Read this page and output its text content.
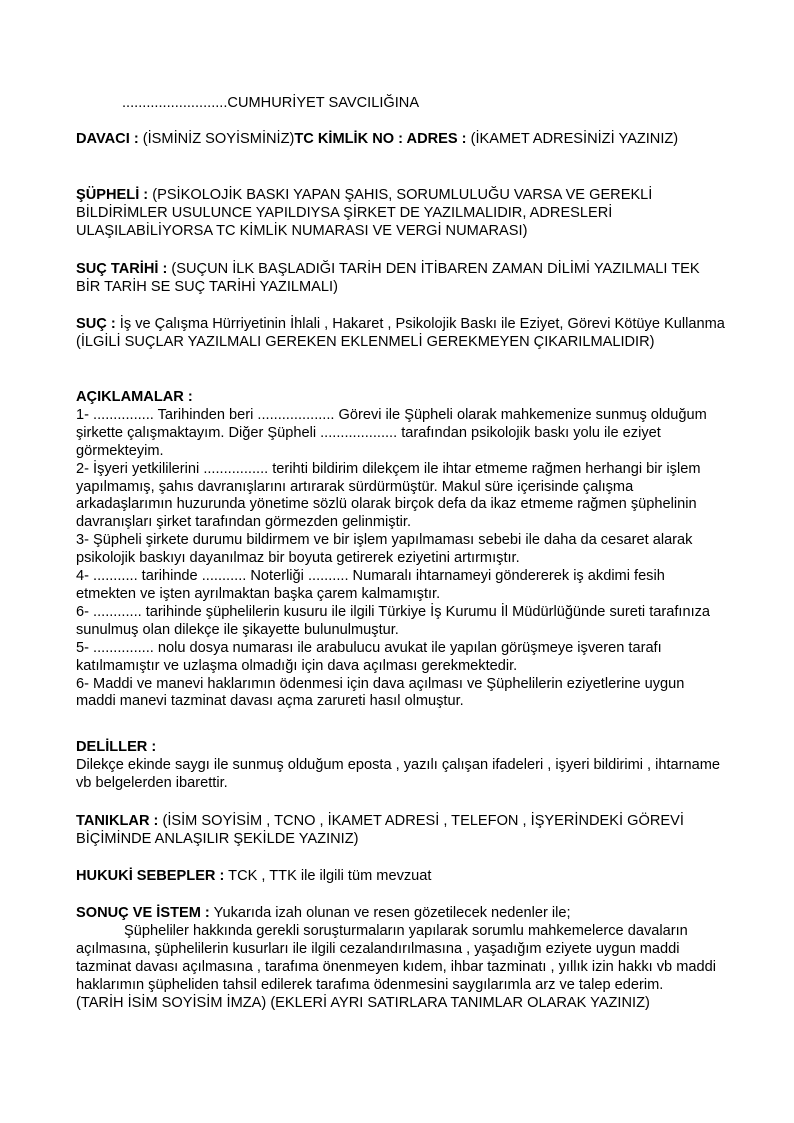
..........................CUMHURİYET SAVCILIĞINA
DAVACI : (İSMİNİZ SOYİSMİNİZ)TC KİMLİK NO : ADRES : (İKAMET ADRESİNİZİ YAZINIZ)
ŞÜPHELİ : (PSİKOLOJİK BASKI YAPAN ŞAHIS, SORUMLULUĞU VARSA VE GEREKLİ BİLDİRİMLER USULUNCE YAPILDIYSA ŞİRKET DE YAZILMALIDIR, ADRESLERİ ULAŞILABİLİYORSA TC KİMLİK NUMARASI VE VERGİ NUMARASI)
SUÇ TARİHİ : (SUÇUN İLK BAŞLADIĞI TARİH DEN İTİBAREN ZAMAN DİLİMİ YAZILMALI TEK BİR TARİH SE SUÇ TARİHİ YAZILMALI)
SUÇ : İş ve Çalışma Hürriyetinin İhlali , Hakaret , Psikolojik Baskı ile Eziyet, Görevi Kötüye Kullanma (İLGİLİ SUÇLAR YAZILMALI GEREKEN EKLENMELİ GEREKMEYEN ÇIKARILMALIDIR)
AÇIKLAMALAR :
1- ............... Tarihinden beri ................... Görevi ile Şüpheli olarak mahkemenize sunmuş olduğum şirkette çalışmaktayım. Diğer Şüpheli ................... tarafından psikolojik baskı yolu ile eziyet görmekteyim.
2- İşyeri yetkililerini ................ terihti bildirim dilekçem ile ihtar etmeme rağmen herhangi bir işlem yapılmamış, şahıs davranışlarını artırarak sürdürmüştür. Makul süre içerisinde çalışma arkadaşlarımın huzurunda yönetime sözlü olarak birçok defa da ikaz etmeme rağmen şüphelinin davranışları şirket tarafından görmezden gelinmiştir.
3- Şüpheli şirkete durumu bildirmem ve bir işlem yapılmaması sebebi ile daha da cesaret alarak psikolojik baskıyı dayanılmaz bir boyuta getirerek eziyetini artırmıştır.
4- ........... tarihinde ........... Noterliği .......... Numaralı ihtarnameyi göndererek iş akdimi fesih etmekten ve işten ayrılmaktan başka çarem kalmamıştır.
6- ............ tarihinde şüphelilerin kusuru ile ilgili Türkiye İş Kurumu İl Müdürlüğünde sureti tarafınıza sunulmuş olan dilekçe ile şikayette bulunulmuştur.
5- ............... nolu dosya numarası ile arabulucu avukat ile yapılan görüşmeye işveren tarafı katılmamıştır ve uzlaşma olmadığı için dava açılması gerekmektedir.
6- Maddi ve manevi haklarımın ödenmesi için dava açılması ve Şüphelilerin eziyetlerine uygun maddi manevi tazminat davası açma zarureti hasıl olmuştur.
DELİLLER :
Dilekçe ekinde saygı ile sunmuş olduğum eposta , yazılı çalışan ifadeleri , işyeri bildirimi , ihtarname vb belgelerden ibarettir.
TANIKLAR : (İSİM SOYİSİM , TCNO , İKAMET ADRESİ , TELEFON , İŞYERİNDEKİ GÖREVİ BİÇİMİNDE ANLAŞILIR ŞEKİLDE YAZINIZ)
HUKUKİ SEBEPLER : TCK , TTK ile ilgili tüm mevzuat
SONUÇ VE İSTEM : Yukarıda izah olunan ve resen gözetilecek nedenler ile;
Şüpheliler hakkında gerekli soruşturmaların yapılarak sorumlu mahkemelerce davaların açılmasına, şüphelilerin kusurları ile ilgili cezalandırılmasına , yaşadığım eziyete uygun maddi tazminat davası açılmasına , tarafıma önenmeyen kıdem, ihbar tazminatı , yıllık izin hakkı vb maddi haklarımın şüpheliden tahsil edilerek tarafıma ödenmesini saygılarımla arz ve talep ederim.
(TARİH İSİM SOYİSİM İMZA) (EKLERİ AYRI SATIRLARA TANIMLAR OLARAK YAZINIZ)
